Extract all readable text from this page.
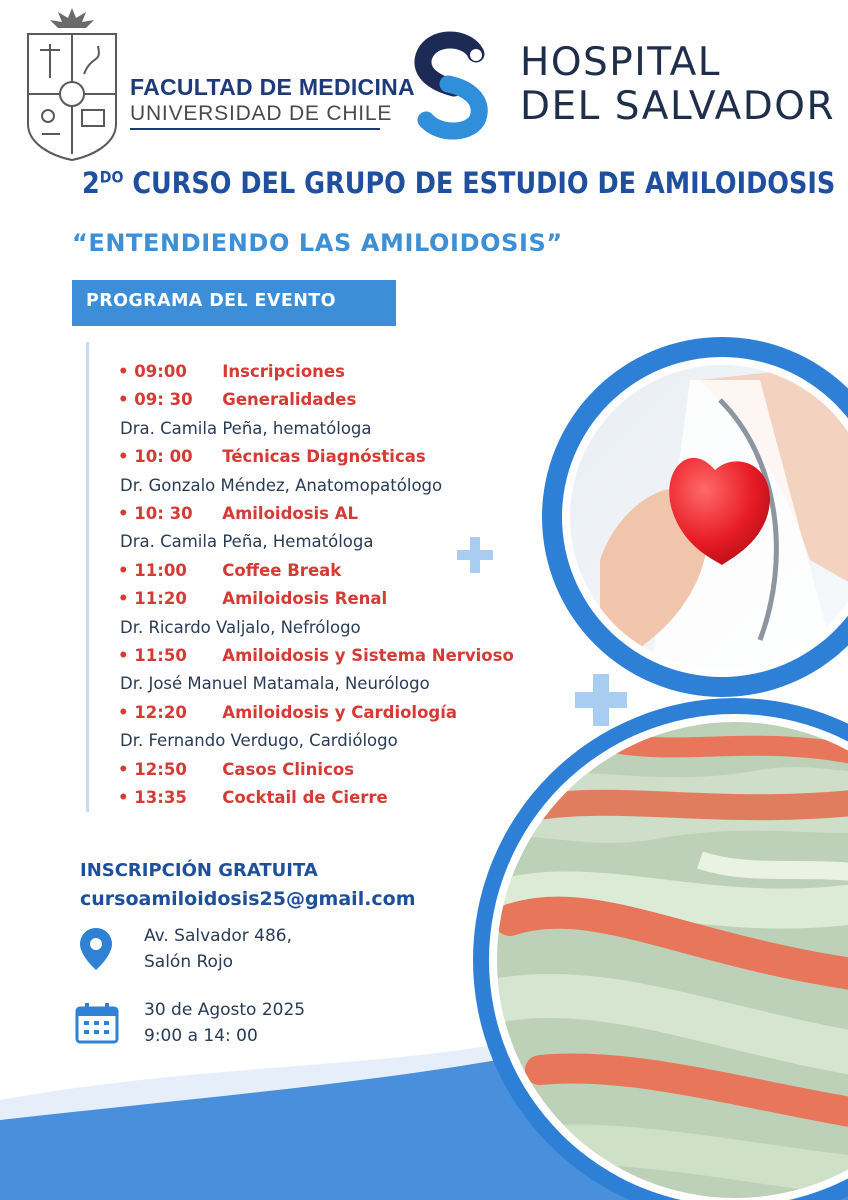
FACULTAD DE MEDICINA
UNIVERSIDAD DE CHILE
HOSPITAL
DEL SALVADOR
$2^{DO}$ CURSO DEL GRUPO DE ESTUDIO DE AMILOIDOSIS
“ENTENDIENDO LAS AMILOIDOSIS”
PROGRAMA DEL EVENTO
• 09:00 Inscripciones
• 09: 30 Generalidades
Dra. Camila Peña, hematóloga
• 10: 00 Técnicas Diagnósticas
Dr. Gonzalo Méndez, Anatomopatólogo
• 10: 30 Amiloidosis AL
Dra. Camila Peña, Hematóloga
• 11:00 Coffee Break
• 11:20 Amiloidosis Renal
Dr. Ricardo Valjalo, Nefrólogo
• 11:50 Amiloidosis y Sistema Nervioso
Dr. José Manuel Matamala, Neurólogo
• 12:20 Amiloidosis y Cardiología
Dr. Fernando Verdugo, Cardiólogo
• 12:50 Casos Clinicos
• 13:35 Cocktail de Cierre
INSCRIPCIÓN GRATUITA
cursoamiloidosis25@gmail.com
Av. Salvador 486,
Salón Rojo
30 de Agosto 2025
9:00 a 14: 00
